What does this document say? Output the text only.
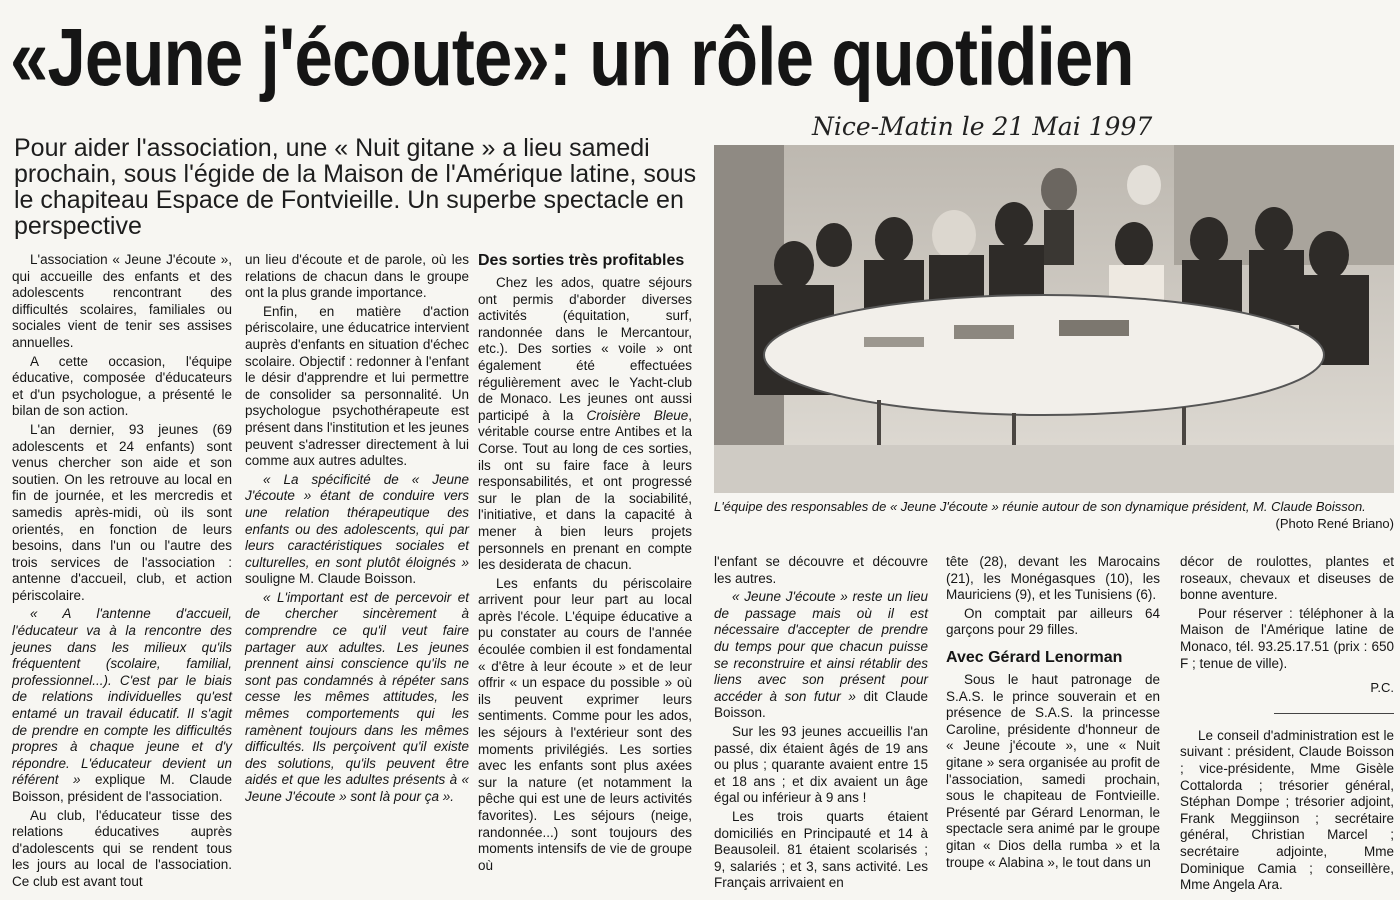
«Jeune j'écoute»: un rôle quotidien
Nice-Matin le 21 Mai 1997
Pour aider l'association, une « Nuit gitane » a lieu samedi prochain, sous l'égide de la Maison de l'Amérique latine, sous le chapiteau Espace de Fontvieille. Un superbe spectacle en perspective

L'association « Jeune J'écoute », qui accueille des enfants et des adolescents rencontrant des difficultés scolaires, familiales ou sociales vient de tenir ses assises annuelles.

A cette occasion, l'équipe éducative, composée d'éducateurs et d'un psychologue, a présenté le bilan de son action.

L'an dernier, 93 jeunes (69 adolescents et 24 enfants) sont venus chercher son aide et son soutien. On les retrouve au local en fin de journée, et les mercredis et samedis après-midi, où ils sont orientés, en fonction de leurs besoins, dans l'un ou l'autre des trois services de l'association : antenne d'accueil, club, et action périscolaire.

« A l'antenne d'accueil, l'éducateur va à la rencontre des jeunes dans les milieux qu'ils fréquentent (scolaire, familial, professionnel...). C'est par le biais de relations individuelles qu'est entamé un travail éducatif. Il s'agit de prendre en compte les difficultés propres à chaque jeune et d'y répondre. L'éducateur devient un référent » explique M. Claude Boisson, président de l'association.

Au club, l'éducateur tisse des relations éducatives auprès d'adolescents qui se rendent tous les jours au local de l'association. Ce club est avant tout

un lieu d'écoute et de parole, où les relations de chacun dans le groupe ont la plus grande importance.

Enfin, en matière d'action périscolaire, une éducatrice intervient auprès d'enfants en situation d'échec scolaire. Objectif : redonner à l'enfant le désir d'apprendre et lui permettre de consolider sa personnalité. Un psychologue psychothérapeute est présent dans l'institution et les jeunes peuvent s'adresser directement à lui comme aux autres adultes.

« La spécificité de « Jeune J'écoute » étant de conduire vers une relation thérapeutique des enfants ou des adolescents, qui par leurs caractéristiques sociales et culturelles, en sont plutôt éloignés » souligne M. Claude Boisson.

« L'important est de percevoir et de chercher sincèrement à comprendre ce qu'il veut faire partager aux adultes. Les jeunes prennent ainsi conscience qu'ils ne sont pas condamnés à répéter sans cesse les mêmes attitudes, les mêmes comportements qui les ramènent toujours dans les mêmes difficultés. Ils perçoivent qu'il existe des solutions, qu'ils peuvent être aidés et que les adultes présents à « Jeune J'écoute » sont là pour ça ».

Des sorties très profitables

Chez les ados, quatre séjours ont permis d'aborder diverses activités (équitation, surf, randonnée dans le Mercantour, etc.). Des sorties « voile » ont également été effectuées régulièrement avec le Yacht-club de Monaco. Les jeunes ont aussi participé à la Croisière Bleue, véritable course entre Antibes et la Corse. Tout au long de ces sorties, ils ont su faire face à leurs responsabilités, et ont progressé sur le plan de la sociabilité, l'initiative, et dans la capacité à mener à bien leurs projets personnels en prenant en compte les desiderata de chacun.

Les enfants du périscolaire arrivent pour leur part au local après l'école. L'équipe éducative a pu constater au cours de l'année écoulée combien il est fondamental « d'être à leur écoute » et de leur offrir « un espace du possible » où ils peuvent exprimer leurs sentiments. Comme pour les ados, les séjours à l'extérieur sont des moments privilégiés. Les sorties avec les enfants sont plus axées sur la nature (et notamment la pêche qui est une de leurs activités favorites). Les séjours (neige, randonnée...) sont toujours des moments intensifs de vie de groupe où

L'équipe des responsables de « Jeune J'écoute » réunie autour de son dynamique président, M. Claude Boisson.
(Photo René Briano)

l'enfant se découvre et découvre les autres.

« Jeune J'écoute » reste un lieu de passage mais où il est nécessaire d'accepter de prendre du temps pour que chacun puisse se reconstruire et ainsi rétablir des liens avec son présent pour accéder à son futur » dit Claude Boisson.

Sur les 93 jeunes accueillis l'an passé, dix étaient âgés de 19 ans ou plus ; quarante avaient entre 15 et 18 ans ; et dix avaient un âge égal ou inférieur à 9 ans !

Les trois quarts étaient domiciliés en Principauté et 14 à Beausoleil. 81 étaient scolarisés ; 9, salariés ; et 3, sans activité. Les Français arrivaient en

tête (28), devant les Marocains (21), les Monégasques (10), les Mauriciens (9), et les Tunisiens (6).

On comptait par ailleurs 64 garçons pour 29 filles.

Avec Gérard Lenorman

Sous le haut patronage de S.A.S. le prince souverain et en présence de S.A.S. la princesse Caroline, présidente d'honneur de « Jeune j'écoute », une « Nuit gitane » sera organisée au profit de l'association, samedi prochain, sous le chapiteau de Fontvieille. Présenté par Gérard Lenorman, le spectacle sera animé par le groupe gitan « Dios della rumba » et la troupe « Alabina », le tout dans un

décor de roulottes, plantes et roseaux, chevaux et diseuses de bonne aventure.

Pour réserver : téléphoner à la Maison de l'Amérique latine de Monaco, tél. 93.25.17.51 (prix : 650 F ; tenue de ville).

P.C.

Le conseil d'administration est le suivant : président, Claude Boisson ; vice-présidente, Mme Gisèle Cottalorda ; trésorier général, Stéphan Dompe ; trésorier adjoint, Frank Meggiinson ; secrétaire général, Christian Marcel ; secrétaire adjointe, Mme Dominique Camia ; conseillère, Mme Angela Ara.
